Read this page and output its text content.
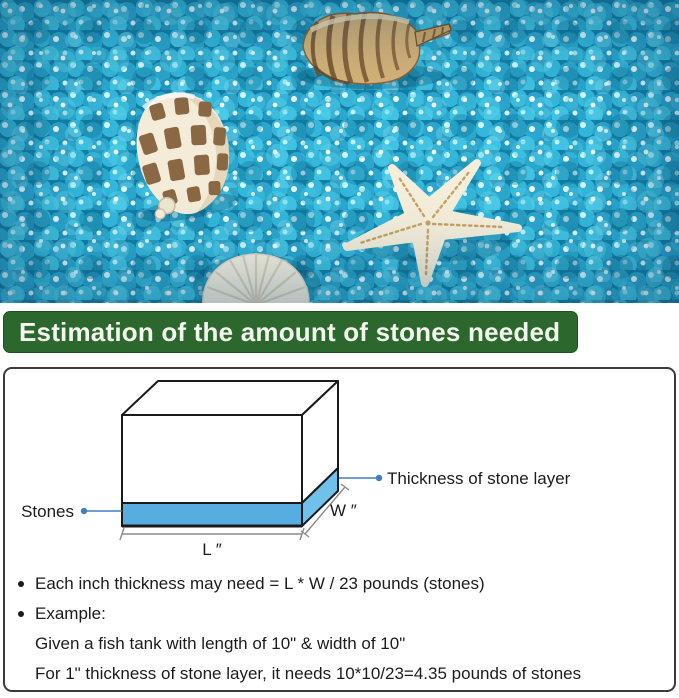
Estimation of the amount of stones needed
L ″
W ″
Stones
Thickness of stone layer
Each inch thickness may need = L * W / 23 pounds (stones)
Example:
Given a fish tank with length of 10" & width of 10"
For 1" thickness of stone layer, it needs 10*10/23=4.35 pounds of stones
